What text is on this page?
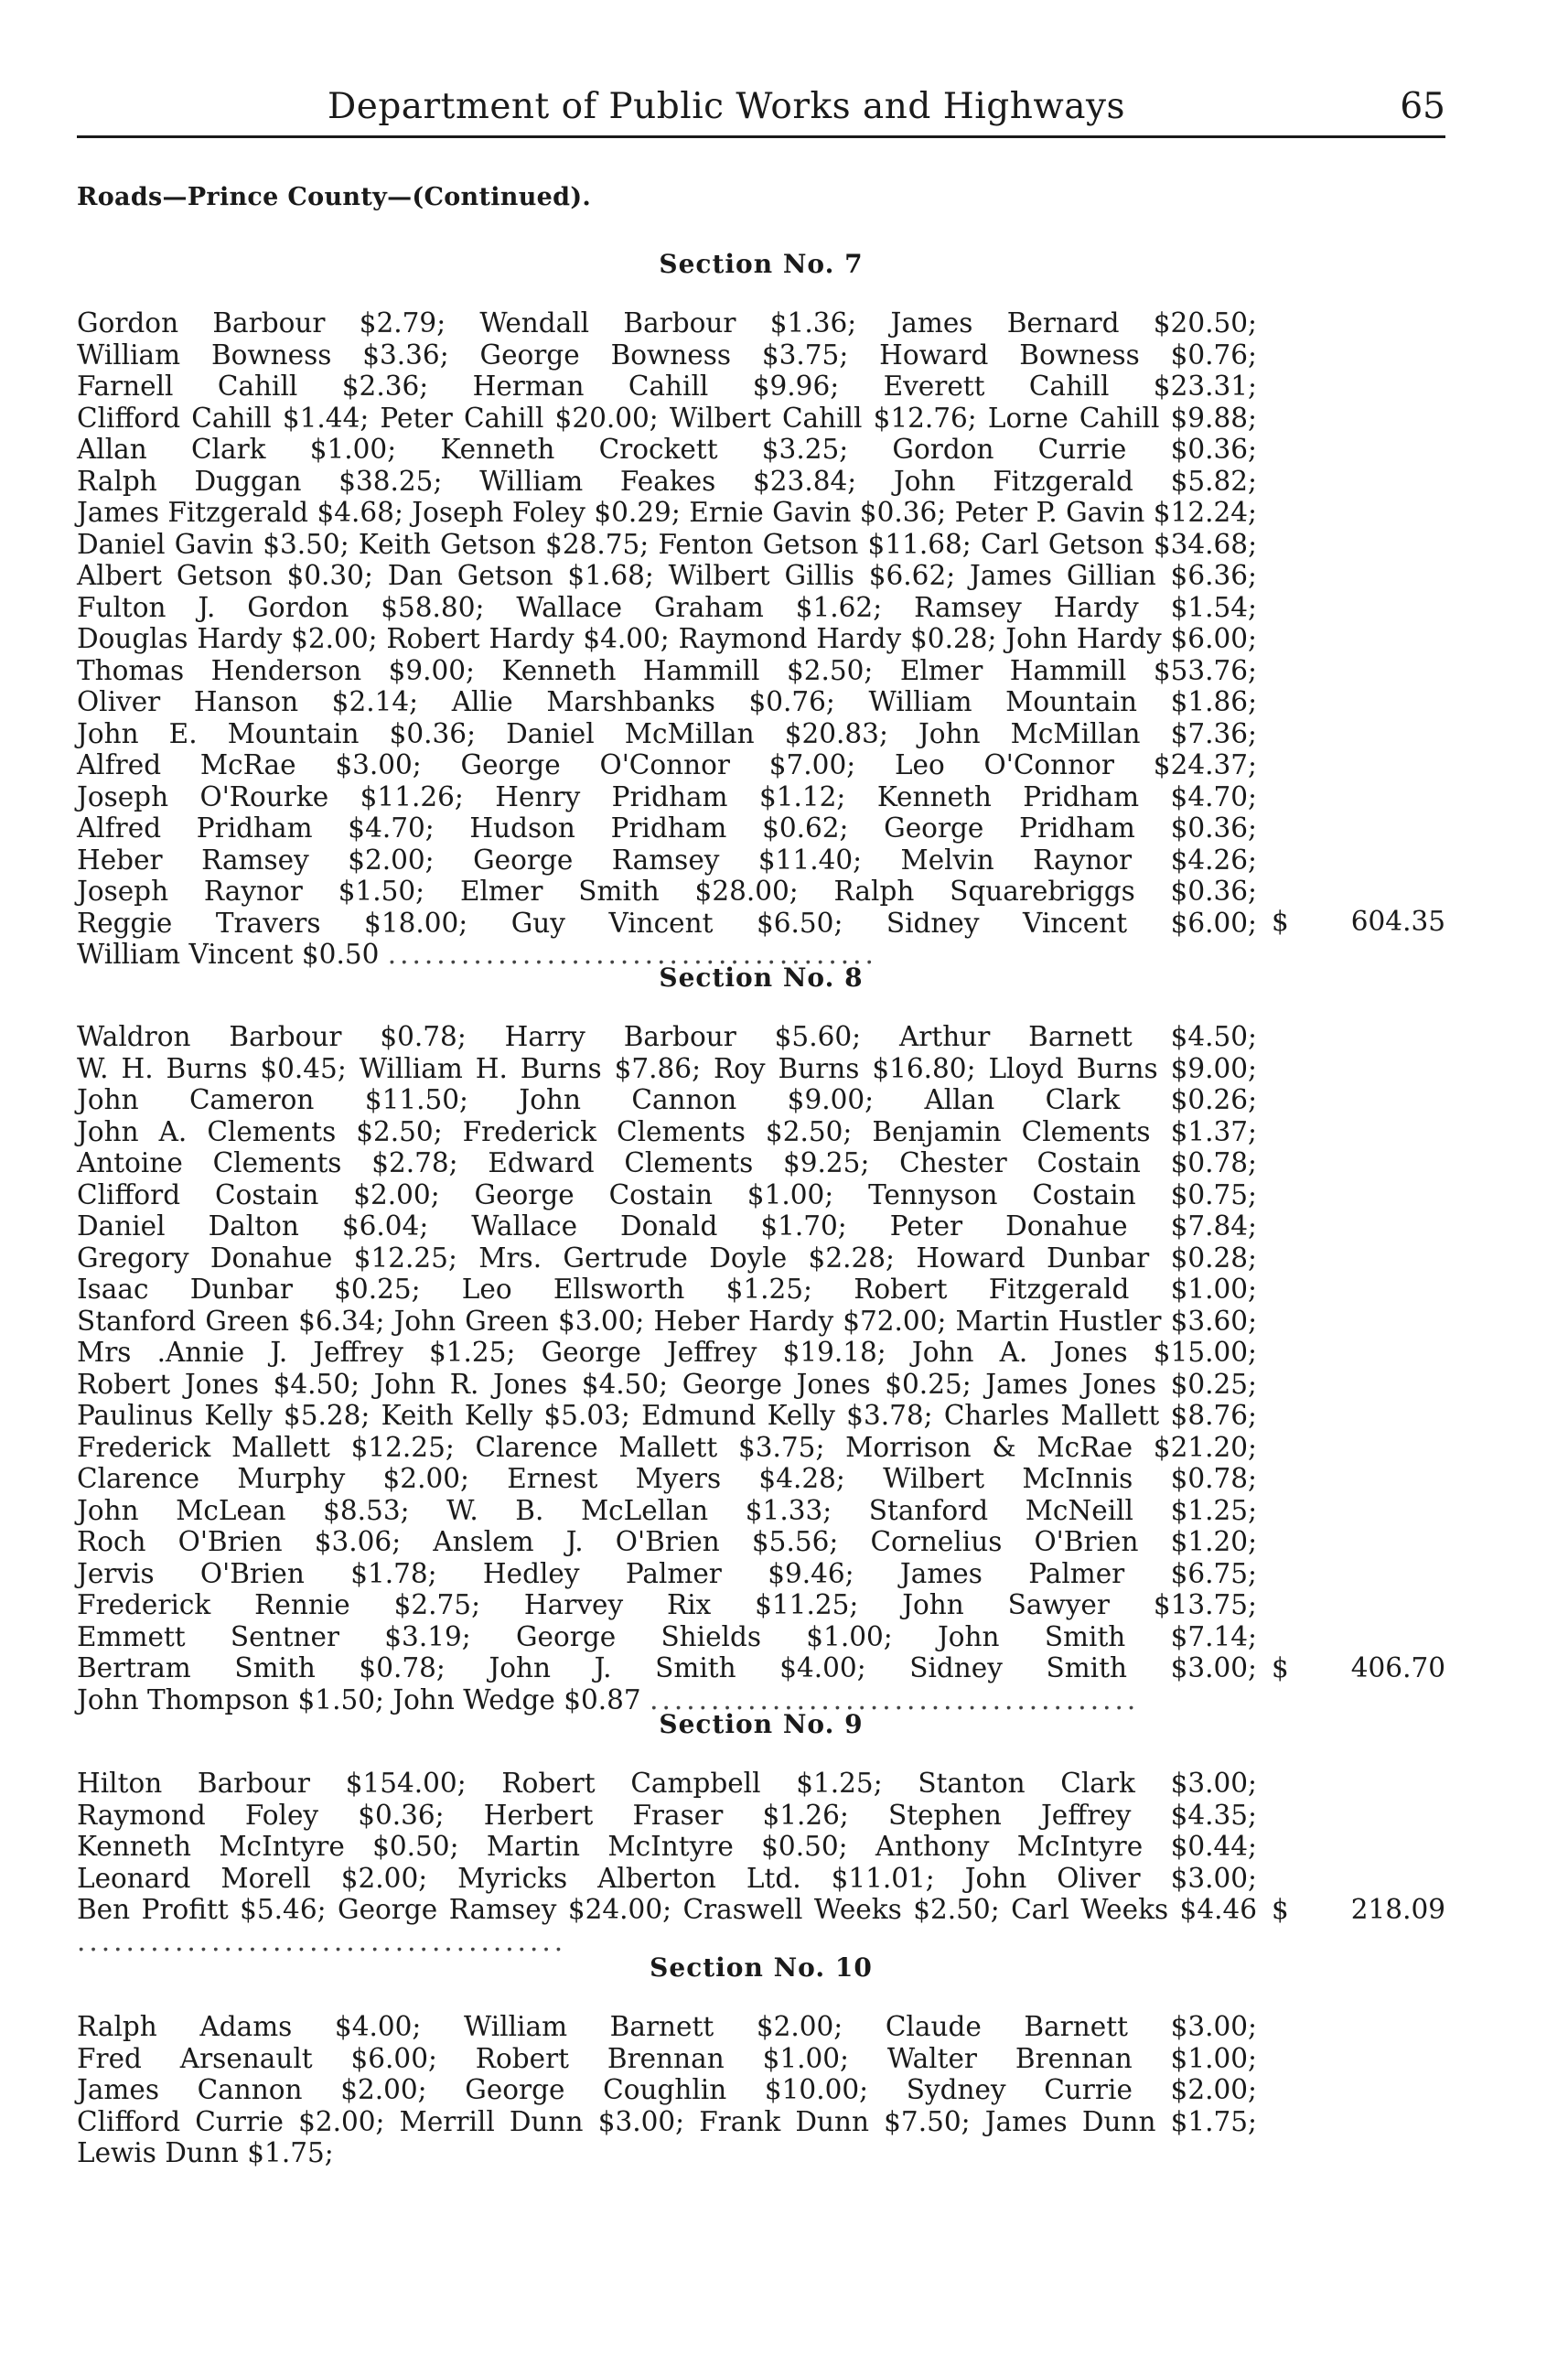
Department of Public Works and Highways	65
Roads—Prince County—(Continued).
Section No. 7
Gordon Barbour $2.79; Wendall Barbour $1.36; James Bernard $20.50; William Bowness $3.36; George Bowness $3.75; Howard Bowness $0.76; Farnell Cahill $2.36; Herman Cahill $9.96; Everett Cahill $23.31; Clifford Cahill $1.44; Peter Cahill $20.00; Wilbert Cahill $12.76; Lorne Cahill $9.88; Allan Clark $1.00; Kenneth Crockett $3.25; Gordon Currie $0.36; Ralph Duggan $38.25; William Feakes $23.84; John Fitzgerald $5.82; James Fitzgerald $4.68; Joseph Foley $0.29; Ernie Gavin $0.36; Peter P. Gavin $12.24; Daniel Gavin $3.50; Keith Getson $28.75; Fenton Getson $11.68; Carl Getson $34.68; Albert Getson $0.30; Dan Getson $1.68; Wilbert Gillis $6.62; James Gillian $6.36; Fulton J. Gordon $58.80; Wallace Graham $1.62; Ramsey Hardy $1.54; Douglas Hardy $2.00; Robert Hardy $4.00; Raymond Hardy $0.28; John Hardy $6.00; Thomas Henderson $9.00; Kenneth Hammill $2.50; Elmer Hammill $53.76; Oliver Hanson $2.14; Allie Marshbanks $0.76; William Mountain $1.86; John E. Mountain $0.36; Daniel McMillan $20.83; John McMillan $7.36; Alfred McRae $3.00; George O'Connor $7.00; Leo O'Connor $24.37; Joseph O'Rourke $11.26; Henry Pridham $1.12; Kenneth Pridham $4.70; Alfred Pridham $4.70; Hudson Pridham $0.62; George Pridham $0.36; Heber Ramsey $2.00; George Ramsey $11.40; Melvin Raynor $4.26; Joseph Raynor $1.50; Elmer Smith $28.00; Ralph Squarebriggs $0.36; Reggie Travers $18.00; Guy Vincent $6.50; Sidney Vincent $6.00; William Vincent $0.50 ........................................
$ 604.35
Section No. 8
Waldron Barbour $0.78; Harry Barbour $5.60; Arthur Barnett $4.50; W. H. Burns $0.45; William H. Burns $7.86; Roy Burns $16.80; Lloyd Burns $9.00; John Cameron $11.50; John Cannon $9.00; Allan Clark $0.26; John A. Clements $2.50; Frederick Clements $2.50; Benjamin Clements $1.37; Antoine Clements $2.78; Edward Clements $9.25; Chester Costain $0.78; Clifford Costain $2.00; George Costain $1.00; Tennyson Costain $0.75; Daniel Dalton $6.04; Wallace Donald $1.70; Peter Donahue $7.84; Gregory Donahue $12.25; Mrs. Gertrude Doyle $2.28; Howard Dunbar $0.28; Isaac Dunbar $0.25; Leo Ellsworth $1.25; Robert Fitzgerald $1.00; Stanford Green $6.34; John Green $3.00; Heber Hardy $72.00; Martin Hustler $3.60; Mrs .Annie J. Jeffrey $1.25; George Jeffrey $19.18; John A. Jones $15.00; Robert Jones $4.50; John R. Jones $4.50; George Jones $0.25; James Jones $0.25; Paulinus Kelly $5.28; Keith Kelly $5.03; Edmund Kelly $3.78; Charles Mallett $8.76; Frederick Mallett $12.25; Clarence Mallett $3.75; Morrison & McRae $21.20; Clarence Murphy $2.00; Ernest Myers $4.28; Wilbert McInnis $0.78; John McLean $8.53; W. B. McLellan $1.33; Stanford McNeill $1.25; Roch O'Brien $3.06; Anslem J. O'Brien $5.56; Cornelius O'Brien $1.20; Jervis O'Brien $1.78; Hedley Palmer $9.46; James Palmer $6.75; Frederick Rennie $2.75; Harvey Rix $11.25; John Sawyer $13.75; Emmett Sentner $3.19; George Shields $1.00; John Smith $7.14; Bertram Smith $0.78; John J. Smith $4.00; Sidney Smith $3.00; John Thompson $1.50; John Wedge $0.87 ........................................
$ 406.70
Section No. 9
Hilton Barbour $154.00; Robert Campbell $1.25; Stanton Clark $3.00; Raymond Foley $0.36; Herbert Fraser $1.26; Stephen Jeffrey $4.35; Kenneth McIntyre $0.50; Martin McIntyre $0.50; Anthony McIntyre $0.44; Leonard Morell $2.00; Myricks Alberton Ltd. $11.01; John Oliver $3.00; Ben Profitt $5.46; George Ramsey $24.00; Craswell Weeks $2.50; Carl Weeks $4.46 ........................................
$ 218.09
Section No. 10
Ralph Adams $4.00; William Barnett $2.00; Claude Barnett $3.00; Fred Arsenault $6.00; Robert Brennan $1.00; Walter Brennan $1.00; James Cannon $2.00; George Coughlin $10.00; Sydney Currie $2.00; Clifford Currie $2.00; Merrill Dunn $3.00; Frank Dunn $7.50; James Dunn $1.75; Lewis Dunn $1.75;
